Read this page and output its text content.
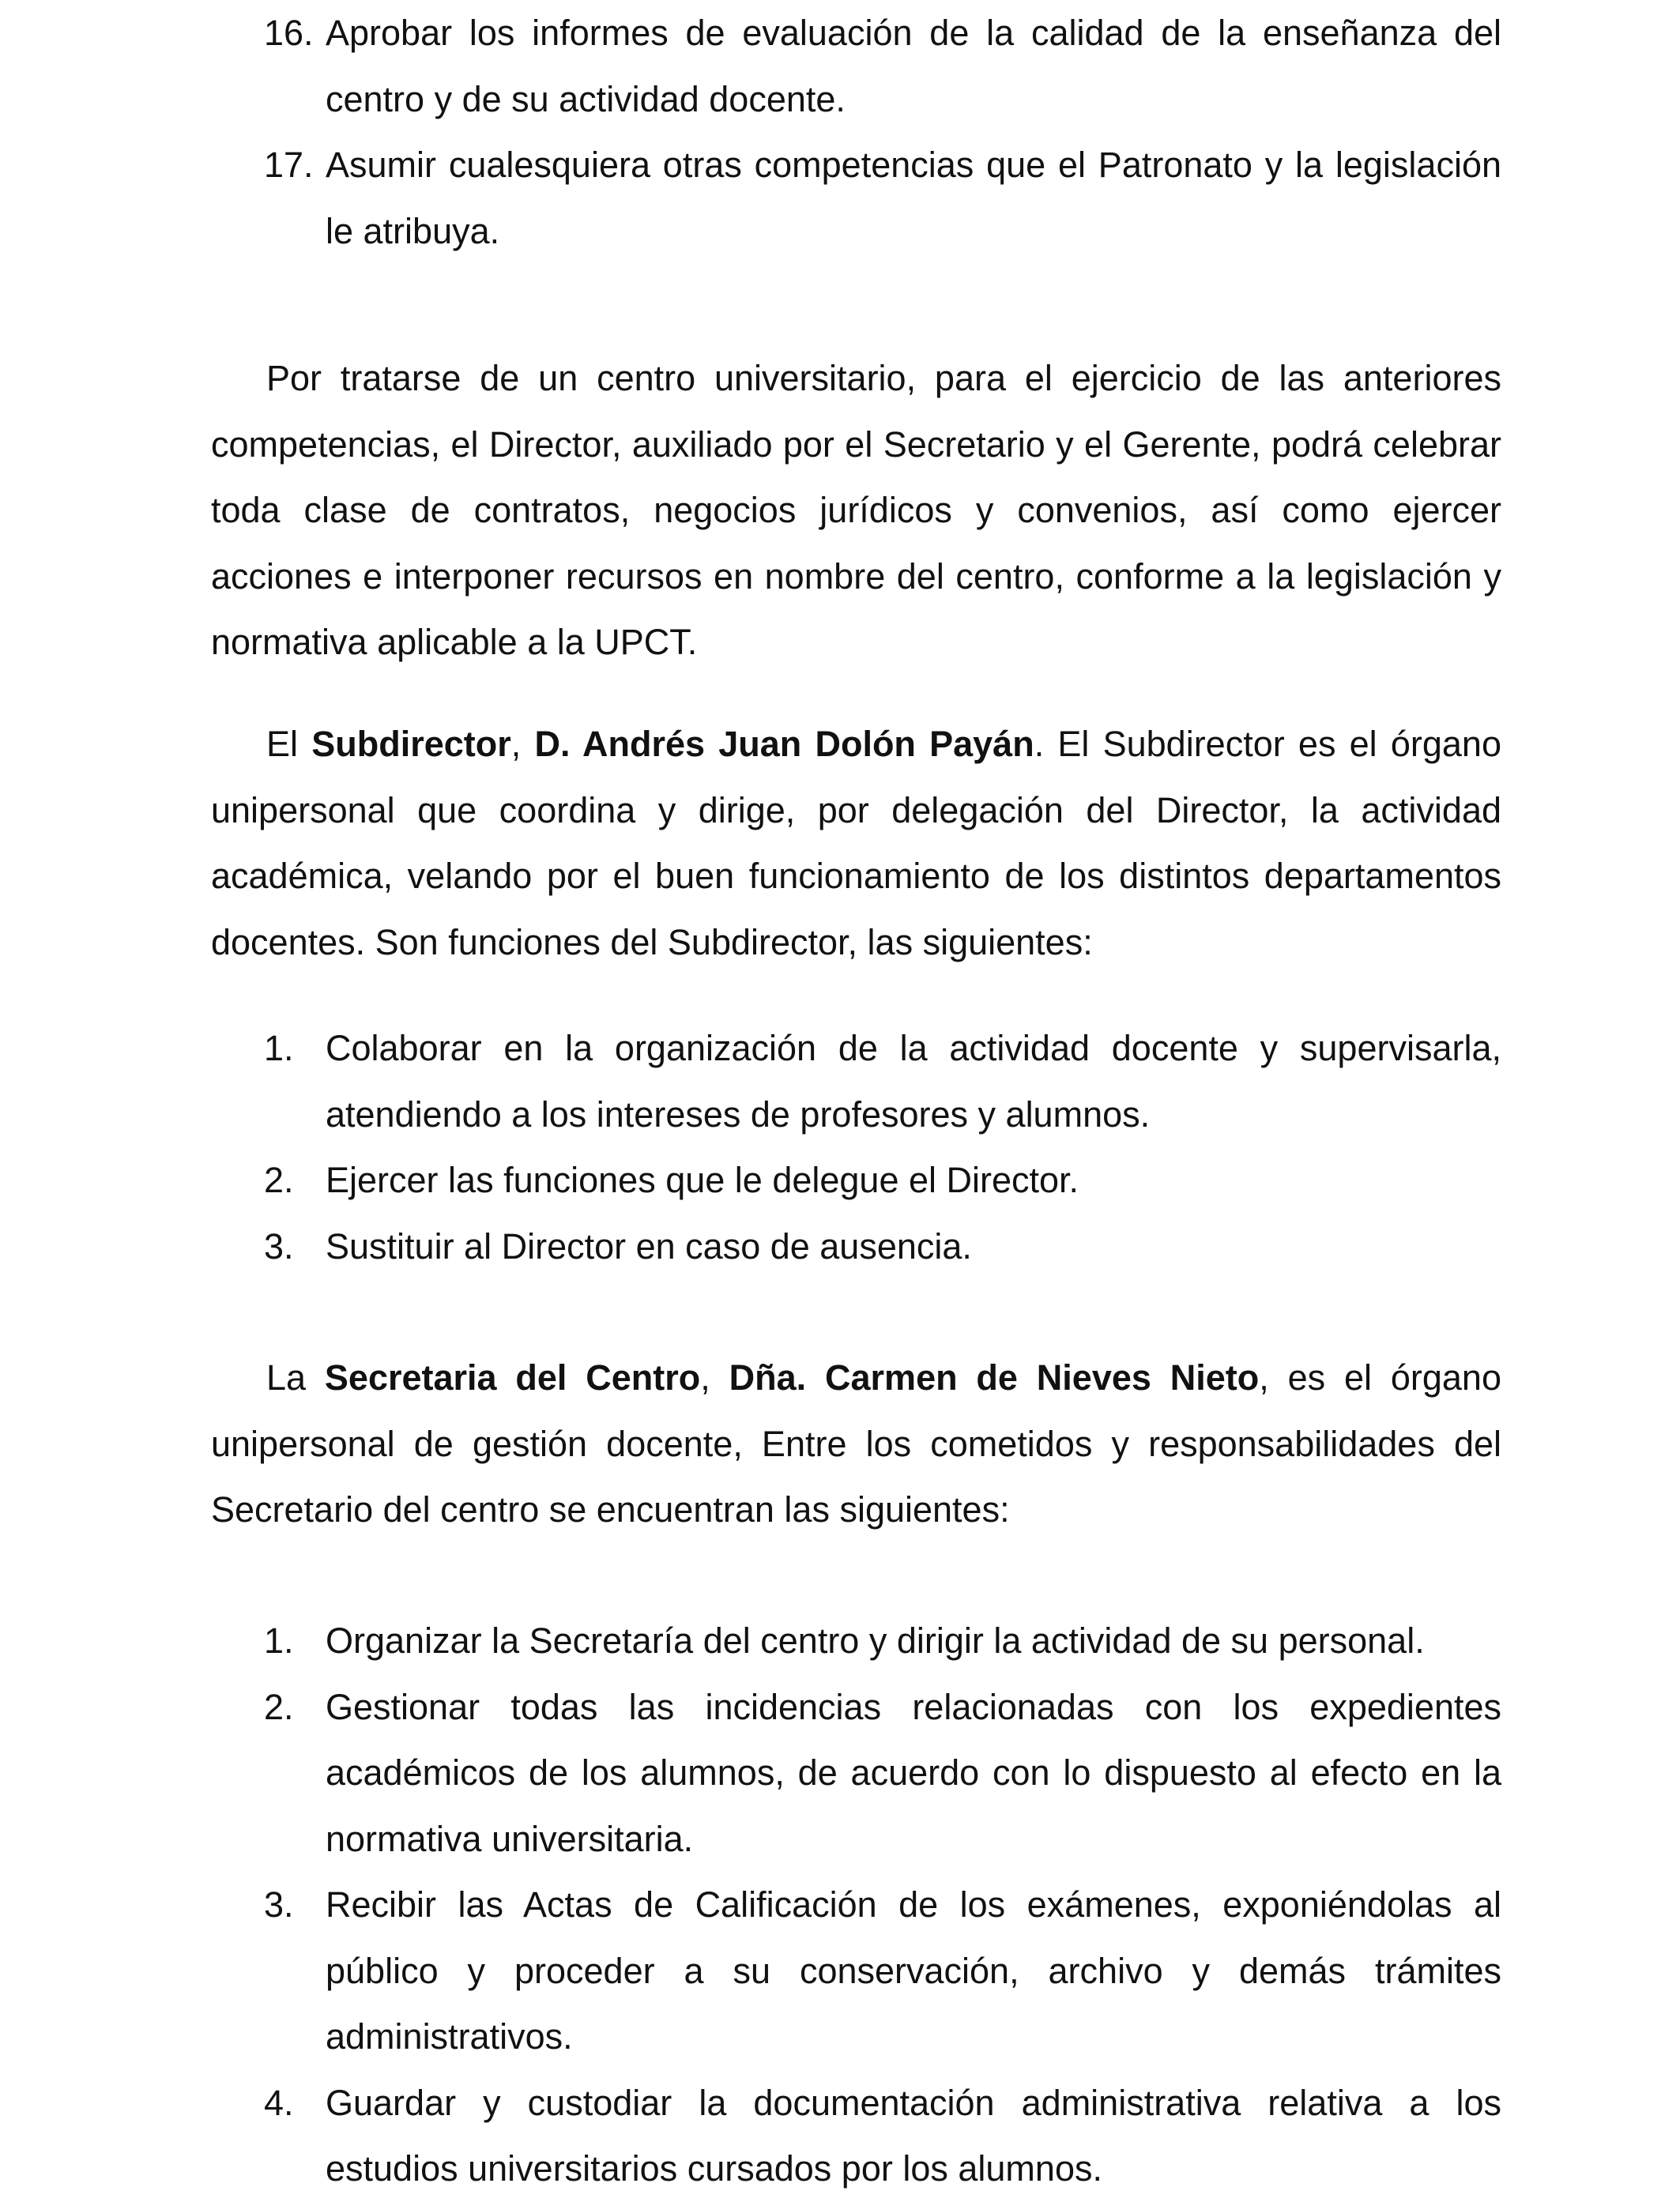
16. Aprobar los informes de evaluación de la calidad de la enseñanza del centro y de su actividad docente.
17. Asumir cualesquiera otras competencias que el Patronato y la legislación le atribuya.

Por tratarse de un centro universitario, para el ejercicio de las anteriores competencias, el Director, auxiliado por el Secretario y el Gerente, podrá celebrar toda clase de contratos, negocios jurídicos y convenios, así como ejercer acciones e interponer recursos en nombre del centro, conforme a la legislación y normativa aplicable a la UPCT.

El Subdirector, D. Andrés Juan Dolón Payán. El Subdirector es el órgano unipersonal que coordina y dirige, por delegación del Director, la actividad académica, velando por el buen funcionamiento de los distintos departamentos docentes. Son funciones del Subdirector, las siguientes:

1. Colaborar en la organización de la actividad docente y supervisarla, atendiendo a los intereses de profesores y alumnos.
2. Ejercer las funciones que le delegue el Director.
3. Sustituir al Director en caso de ausencia.

La Secretaria del Centro, Dña. Carmen de Nieves Nieto, es el órgano unipersonal de gestión docente, Entre los cometidos y responsabilidades del Secretario del centro se encuentran las siguientes:

1. Organizar la Secretaría del centro y dirigir la actividad de su personal.
2. Gestionar todas las incidencias relacionadas con los expedientes académicos de los alumnos, de acuerdo con lo dispuesto al efecto en la normativa universitaria.
3. Recibir las Actas de Calificación de los exámenes, exponiéndolas al público y proceder a su conservación, archivo y demás trámites administrativos.
4. Guardar y custodiar la documentación administrativa relativa a los estudios universitarios cursados por los alumnos.
